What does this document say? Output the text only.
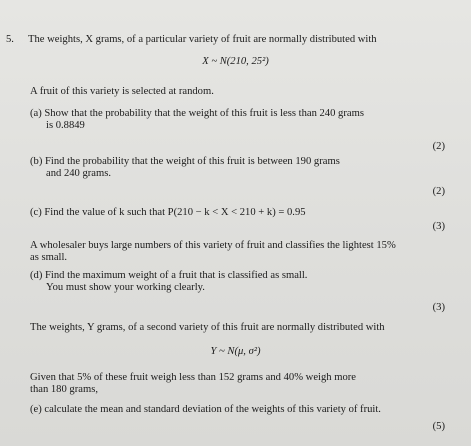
5. The weights, X grams, of a particular variety of fruit are normally distributed with
X ~ N(210, 25²)
A fruit of this variety is selected at random.
(a) Show that the probability that the weight of this fruit is less than 240 grams
is 0.8849
(2)
(b) Find the probability that the weight of this fruit is between 190 grams
and 240 grams.
(2)
(c) Find the value of k such that P(210 − k < X < 210 + k) = 0.95
(3)
A wholesaler buys large numbers of this variety of fruit and classifies the lightest 15%
as small.
(d) Find the maximum weight of a fruit that is classified as small.
You must show your working clearly.
(3)
The weights, Y grams, of a second variety of this fruit are normally distributed with
Y ~ N(μ, σ²)
Given that 5% of these fruit weigh less than 152 grams and 40% weigh more
than 180 grams,
(e) calculate the mean and standard deviation of the weights of this variety of fruit.
(5)
